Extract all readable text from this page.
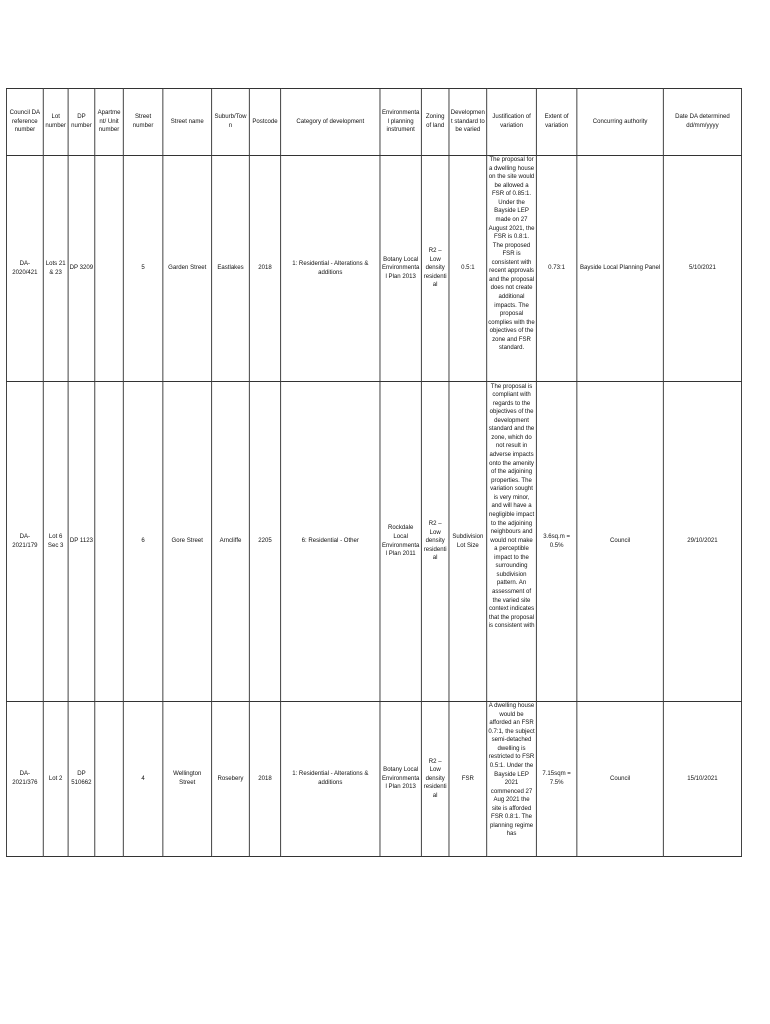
Council DA reference number	Lot number	DP number	Apartment/ Unit number	Street number	Street name	Suburb/Town	Postcode	Category of development	Environmental planning instrument	Zoning of land	Development standard to be varied	Justification of variation	Extent of variation	Concurring authority	Date DA determined dd/mm/yyyy
DA-2020/421	Lots 21 & 23	DP 3209		5	Garden Street	Eastlakes	2018	1: Residential - Alterations & additions	Botany Local Environmental Plan 2013	R2 – Low density residential	0.5:1	The proposal for a dwelling house on the site would be allowed a FSR of 0.85:1. Under the Bayside LEP made on 27 August 2021, the FSR is 0.8:1. The proposed FSR is consistent with recent approvals and the proposal does not create additional impacts. The proposal complies with the objectives of the zone and FSR standard.	0.73:1	Bayside Local Planning Panel	5/10/2021
DA-2021/179	Lot 6 Sec 3	DP 1123		6	Gore Street	Arncliffe	2205	6: Residential - Other	Rockdale Local Environmental Plan 2011	R2 – Low density residential	Subdivision Lot Size	The proposal is compliant with regards to the objectives of the development standard and the zone, which do not result in adverse impacts onto the amenity of the adjoining properties. The variation sought is very minor, and will have a negligible impact to the adjoining neighbours and would not make a perceptible impact to the surrounding subdivision pattern. An assessment of the varied site context indicates that the proposal is consistent with	3.6sq.m = 0.5%	Council	29/10/2021
DA-2021/376	Lot 2	DP 510662		4	Wellington Street	Rosebery	2018	1: Residential - Alterations & additions	Botany Local Environmental Plan 2013	R2 – Low density residential	FSR	A dwelling house would be afforded an FSR 0.7:1, the subject semi-detached dwelling is restricted to FSR 0.5:1. Under the Bayside LEP 2021 commenced 27 Aug 2021 the site is afforded FSR 0.8:1. The planning regime has	7.15sqm = 7.5%	Council	15/10/2021
